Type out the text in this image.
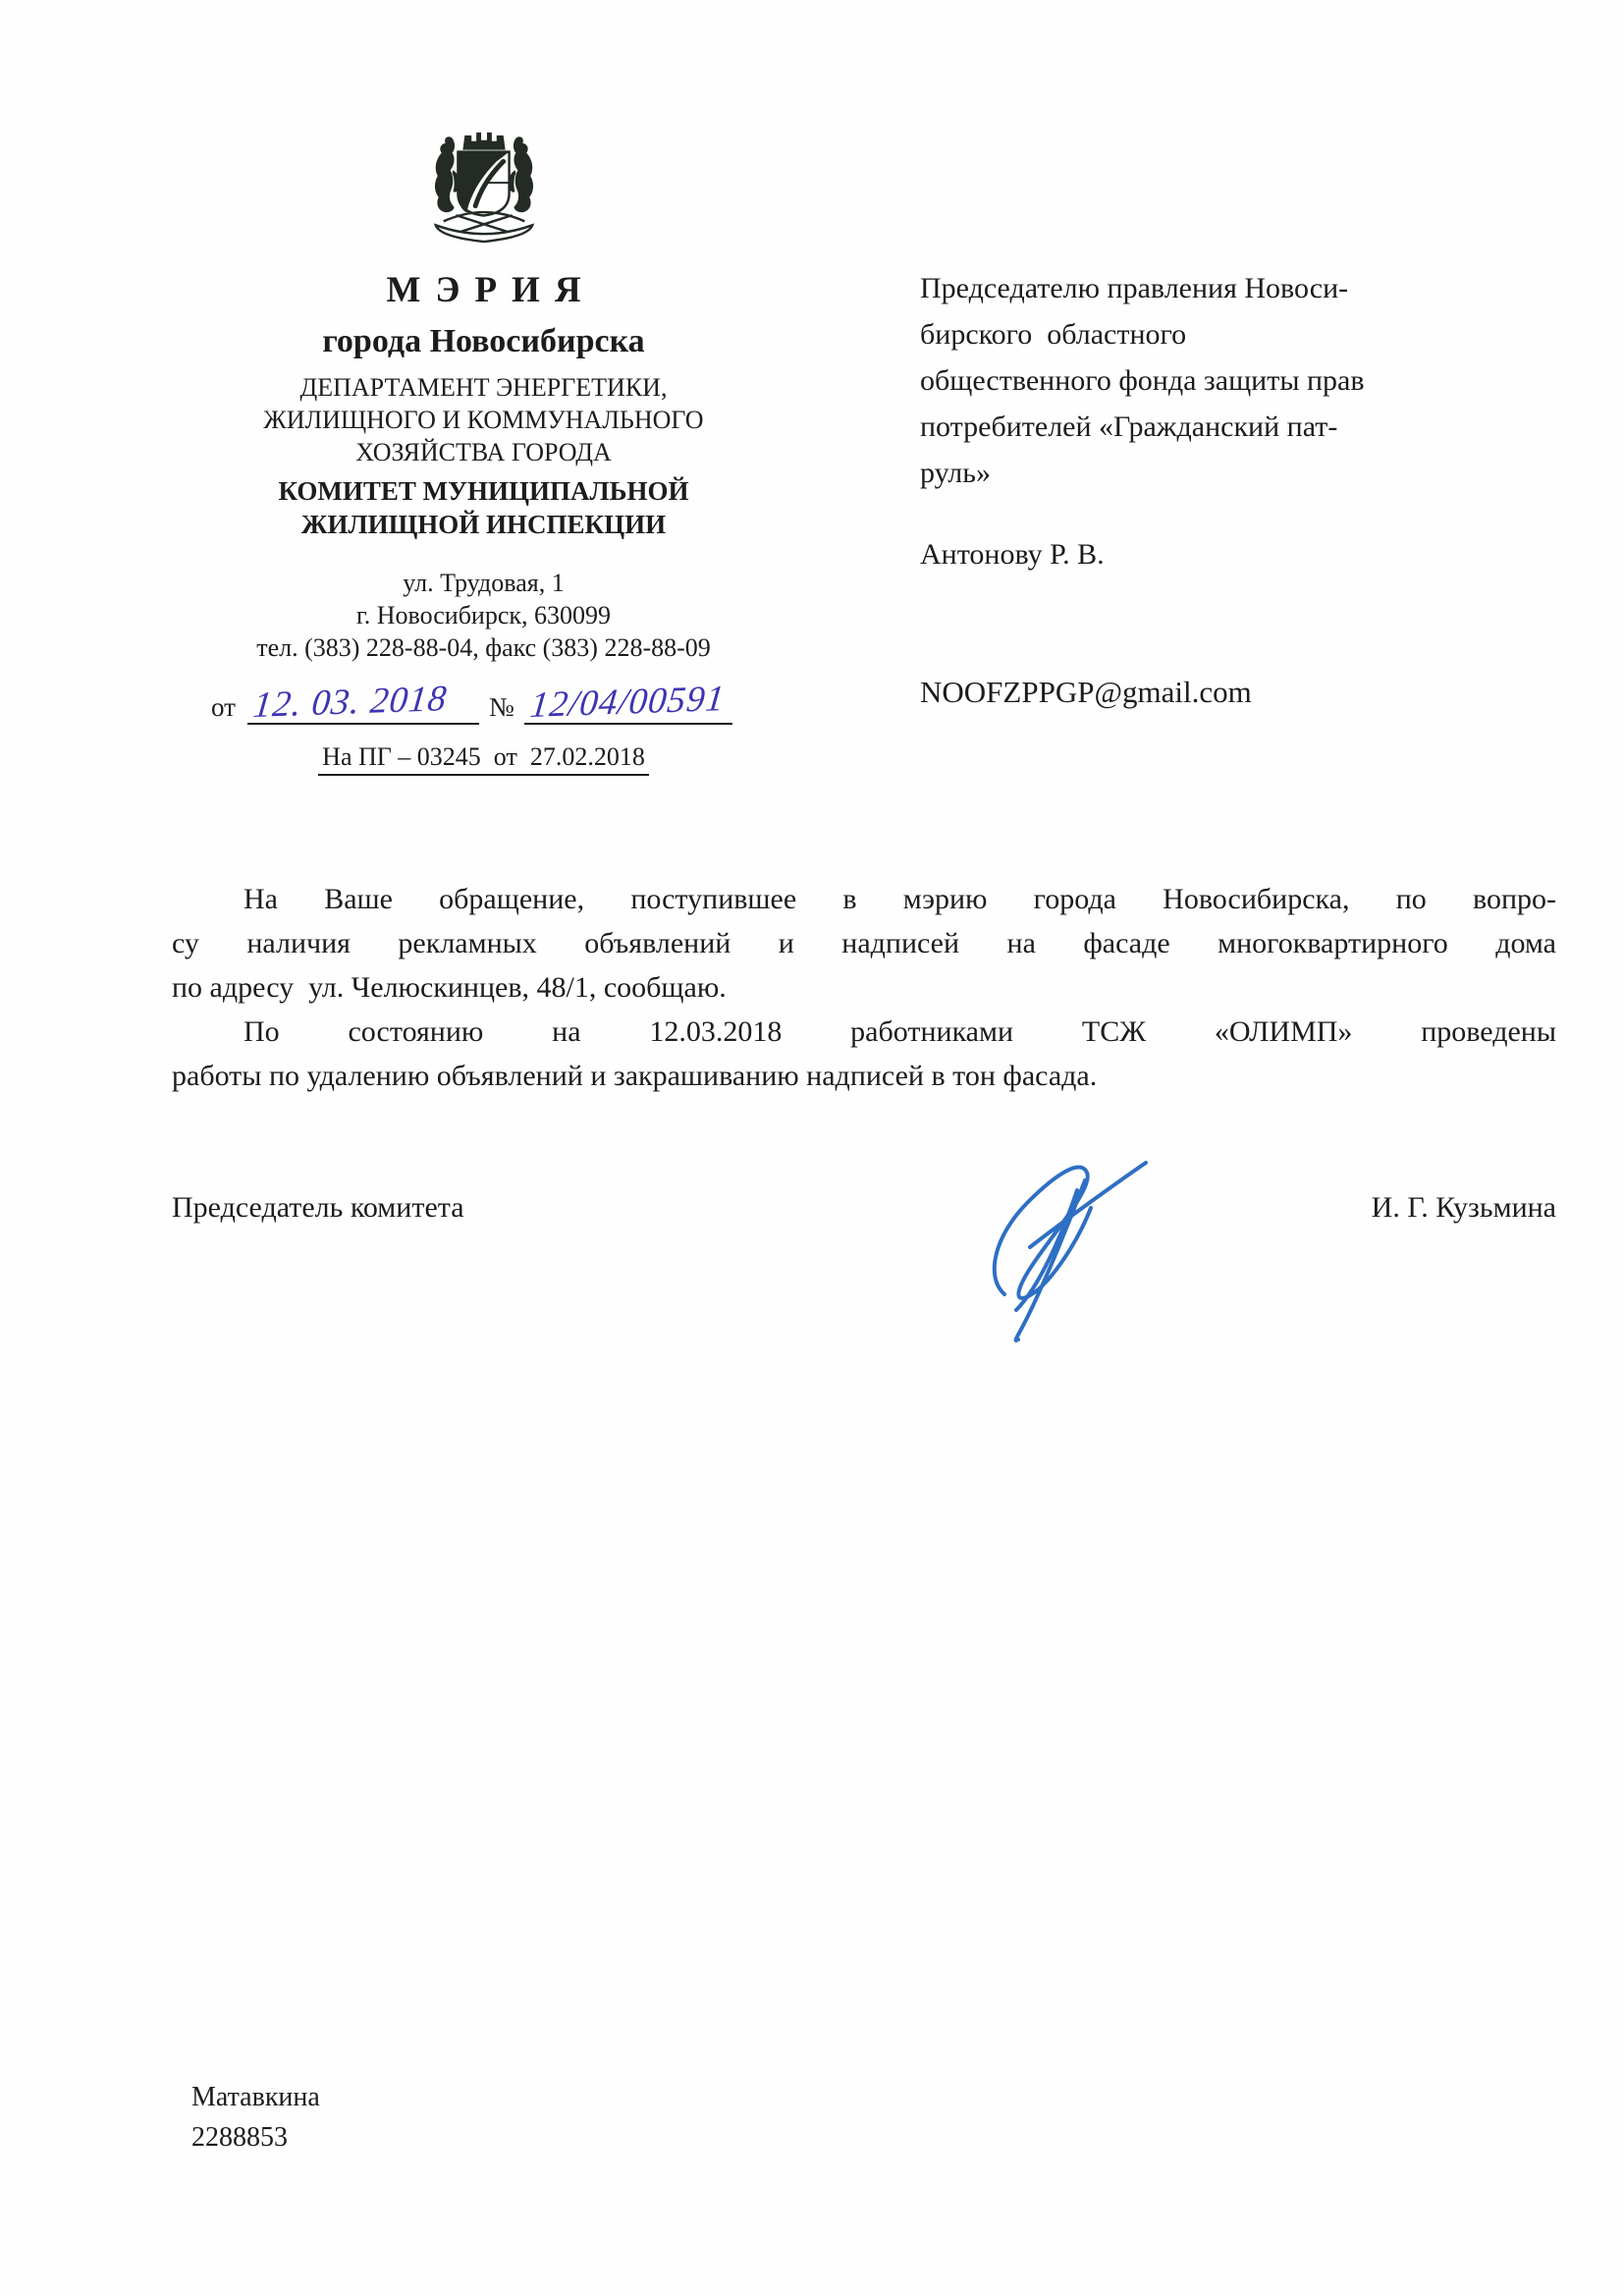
МЭРИЯ
города Новосибирска
ДЕПАРТАМЕНТ ЭНЕРГЕТИКИ,
ЖИЛИЩНОГО И КОММУНАЛЬНОГО
ХОЗЯЙСТВА ГОРОДА
КОМИТЕТ МУНИЦИПАЛЬНОЙ
ЖИЛИЩНОЙ ИНСПЕКЦИИ
ул. Трудовая, 1
г. Новосибирск, 630099
тел. (383) 228-88-04, факс (383) 228-88-09
от 12. 03. 2018	№ 12/04/00591
На ПГ – 03245  от  27.02.2018
Председателю правления Новоси-
бирского  областного
общественного фонда защиты прав
потребителей «Гражданский пат-
руль»
Антонову Р. В.
NOOFZPPGP@gmail.com
На Ваше обращение, поступившее в мэрию города Новосибирска, по вопро-
су наличия рекламных объявлений и надписей на фасаде многоквартирного дома
по адресу  ул. Челюскинцев, 48/1, сообщаю.
По  состоянию  на  12.03.2018  работниками  ТСЖ  «ОЛИМП»  проведены
работы по удалению объявлений и закрашиванию надписей в тон фасада.
Председатель комитета	И. Г. Кузьмина
Матавкина
2288853
